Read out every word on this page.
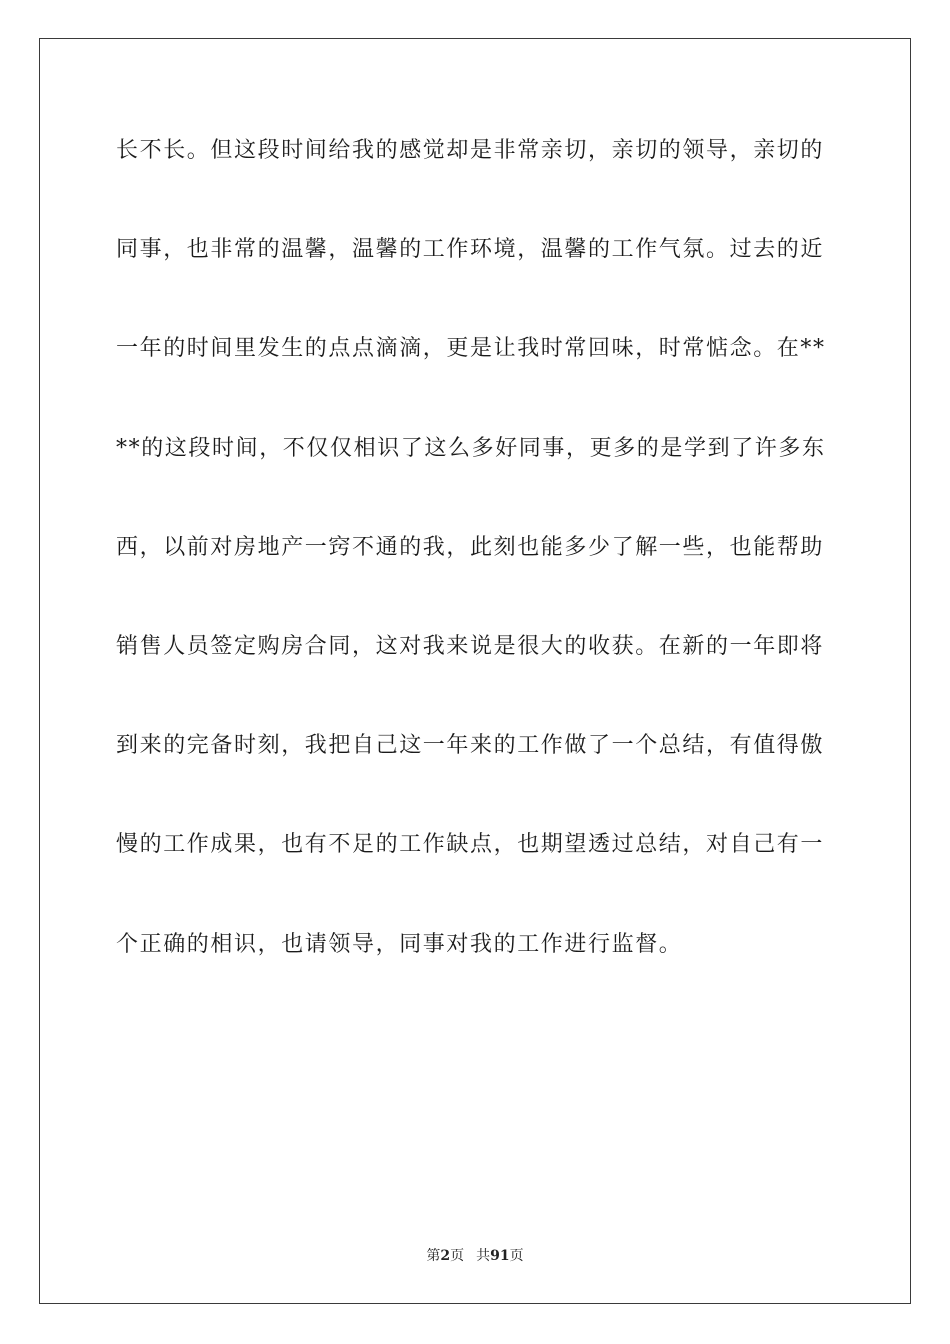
长不长。但这段时间给我的感觉却是非常亲切，亲切的领导，亲切的
同事，也非常的温馨，温馨的工作环境，温馨的工作气氛。过去的近
一年的时间里发生的点点滴滴，更是让我时常回味，时常惦念。在**
**的这段时间，不仅仅相识了这么多好同事，更多的是学到了许多东
西，以前对房地产一窍不通的我，此刻也能多少了解一些，也能帮助
销售人员签定购房合同，这对我来说是很大的收获。在新的一年即将
到来的完备时刻，我把自己这一年来的工作做了一个总结，有值得傲
慢的工作成果，也有不足的工作缺点，也期望透过总结，对自己有一
个正确的相识，也请领导，同事对我的工作进行监督。
第2页 共91页
